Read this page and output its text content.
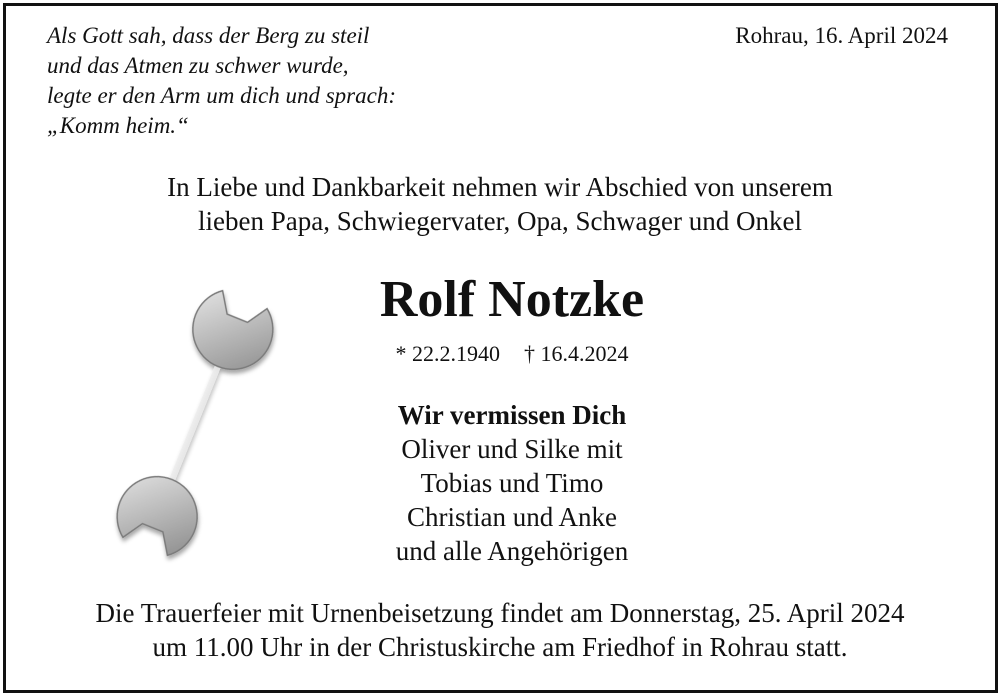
Als Gott sah, dass der Berg zu steil
und das Atmen zu schwer wurde,
legte er den Arm um dich und sprach:
„Komm heim.“
Rohrau, 16. April 2024
In Liebe und Dankbarkeit nehmen wir Abschied von unserem
lieben Papa, Schwiegervater, Opa, Schwager und Onkel
Rolf Notzke
* 22.2.1940 † 16.4.2024
Wir vermissen Dich
Oliver und Silke mit
Tobias und Timo
Christian und Anke
und alle Angehörigen
Die Trauerfeier mit Urnenbeisetzung findet am Donnerstag, 25. April 2024
um 11.00 Uhr in der Christuskirche am Friedhof in Rohrau statt.
